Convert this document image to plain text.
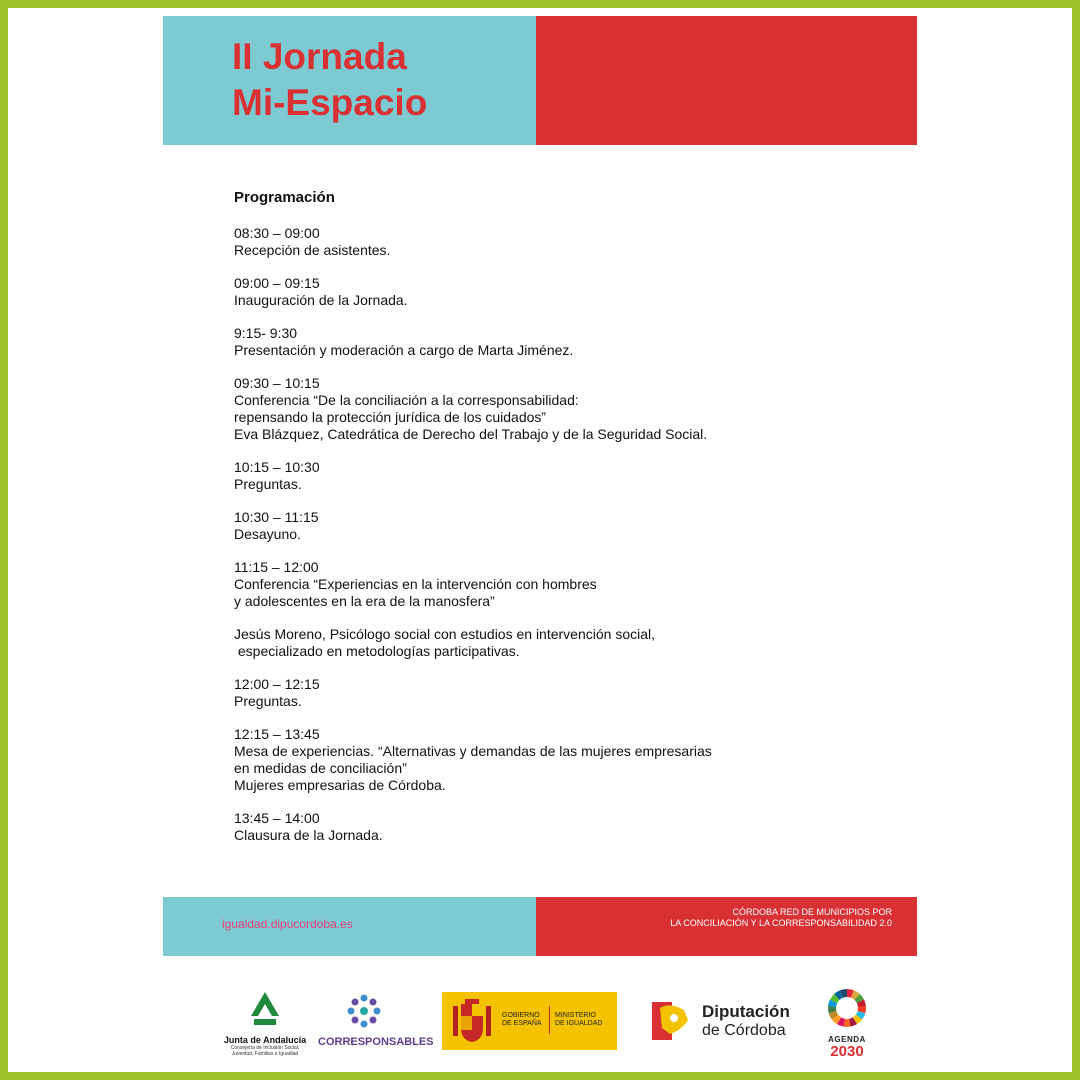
II Jornada
Mi-Espacio
Programación
08:30 – 09:00
Recepción de asistentes.
09:00 – 09:15
Inauguración de la Jornada.
9:15- 9:30
Presentación y moderación a cargo de Marta Jiménez.
09:30 – 10:15
Conferencia “De la conciliación a la corresponsabilidad:
repensando la protección jurídica de los cuidados”
Eva Blázquez, Catedrática de Derecho del Trabajo y de la Seguridad Social.
10:15 – 10:30
Preguntas.
10:30 – 11:15
Desayuno.
11:15 – 12:00
Conferencia “Experiencias en la intervención con hombres
y adolescentes en la era de la manosfera”
Jesús Moreno, Psicólogo social con estudios en intervención social,
especializado en metodologías participativas.
12:00 – 12:15
Preguntas.
12:15 – 13:45
Mesa de experiencias. “Alternativas y demandas de las mujeres empresarias
en medidas de conciliación”
Mujeres empresarias de Córdoba.
13:45 – 14:00
Clausura de la Jornada.
igualdad.dipucordoba.es
CÓRDOBA RED DE MUNICIPIOS POR
LA CONCILIACIÓN Y LA CORRESPONSABILIDAD 2.0
Junta de Andalucía
Consejería de Inclusión Social,
Juventud, Familias e Igualdad
CORRESPONSABLES
GOBIERNO
DE ESPAÑA
MINISTERIO
DE IGUALDAD
Diputación
de Córdoba
AGENDA
2030
